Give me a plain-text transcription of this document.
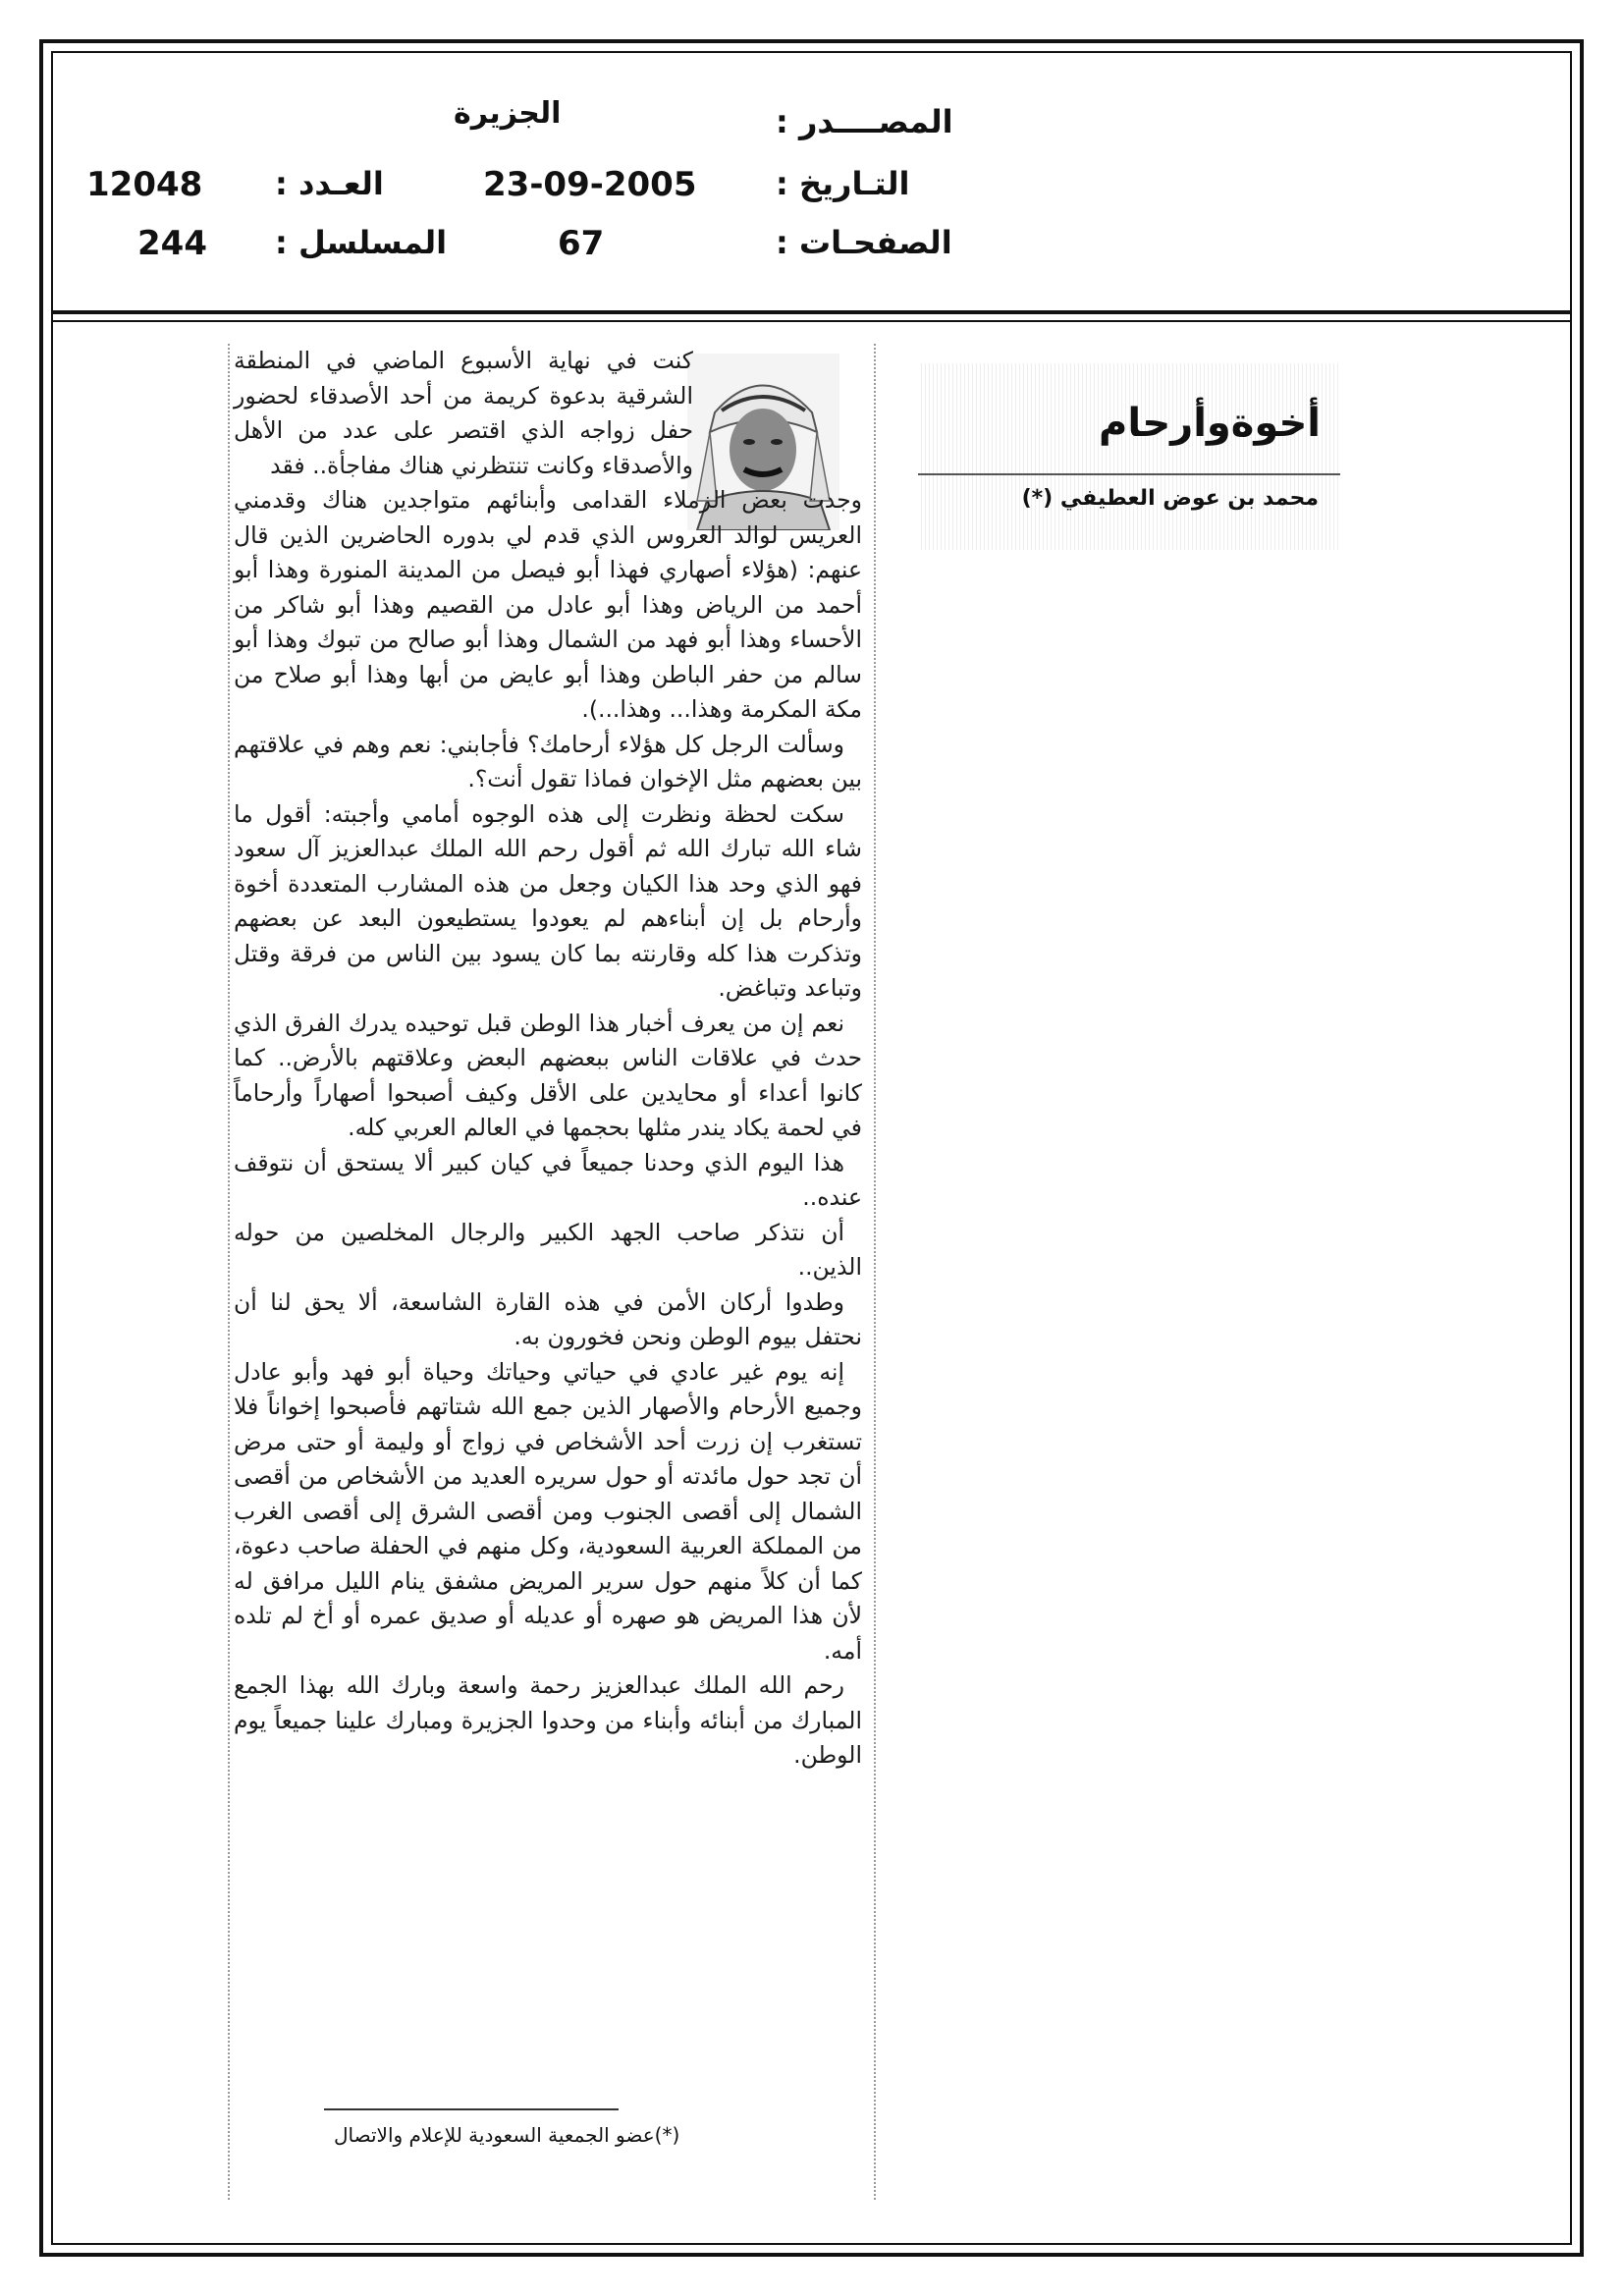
المصــــدر :
الجزيرة
التـاريخ :
23-09-2005
الصفحـات :
67
العـدد :
12048
المسلسل :
244
أخوةوأرحام
محمد بن عوض العطيفي (*)

كنت في نهاية الأسبوع الماضي في المنطقة الشرقية بدعوة كريمة من أحد الأصدقاء لحضور حفل زواجه الذي اقتصر على عدد من الأهل والأصدقاء وكانت تنتظرني هناك مفاجأة.. فقد

وجدت بعض الزملاء القدامى وأبنائهم متواجدين هناك وقدمني العريس لوالد العروس الذي قدم لي بدوره الحاضرين الذين قال عنهم: (هؤلاء أصهاري فهذا أبو فيصل من المدينة المنورة وهذا أبو أحمد من الرياض وهذا أبو عادل من القصيم وهذا أبو شاكر من الأحساء وهذا أبو فهد من الشمال وهذا أبو صالح من تبوك وهذا أبو سالم من حفر الباطن وهذا أبو عايض من أبها وهذا أبو صلاح من مكة المكرمة وهذا... وهذا...).

وسألت الرجل كل هؤلاء أرحامك؟ فأجابني: نعم وهم في علاقتهم بين بعضهم مثل الإخوان فماذا تقول أنت؟.

سكت لحظة ونظرت إلى هذه الوجوه أمامي وأجبته: أقول ما شاء الله تبارك الله ثم أقول رحم الله الملك عبدالعزيز آل سعود فهو الذي وحد هذا الكيان وجعل من هذه المشارب المتعددة أخوة وأرحام بل إن أبناءهم لم يعودوا يستطيعون البعد عن بعضهم وتذكرت هذا كله وقارنته بما كان يسود بين الناس من فرقة وقتل وتباعد وتباغض.

نعم إن من يعرف أخبار هذا الوطن قبل توحيده يدرك الفرق الذي حدث في علاقات الناس ببعضهم البعض وعلاقتهم بالأرض.. كما كانوا أعداء أو محايدين على الأقل وكيف أصبحوا أصهاراً وأرحاماً في لحمة يكاد يندر مثلها بحجمها في العالم العربي كله.

هذا اليوم الذي وحدنا جميعاً في كيان كبير ألا يستحق أن نتوقف عنده..

أن نتذكر صاحب الجهد الكبير والرجال المخلصين من حوله الذين..

وطدوا أركان الأمن في هذه القارة الشاسعة، ألا يحق لنا أن نحتفل بيوم الوطن ونحن فخورون به.

إنه يوم غير عادي في حياتي وحياتك وحياة أبو فهد وأبو عادل وجميع الأرحام والأصهار الذين جمع الله شتاتهم فأصبحوا إخواناً فلا تستغرب إن زرت أحد الأشخاص في زواج أو وليمة أو حتى مرض أن تجد حول مائدته أو حول سريره العديد من الأشخاص من أقصى الشمال إلى أقصى الجنوب ومن أقصى الشرق إلى أقصى الغرب من المملكة العربية السعودية، وكل منهم في الحفلة صاحب دعوة، كما أن كلاً منهم حول سرير المريض مشفق ينام الليل مرافق له لأن هذا المريض هو صهره أو عديله أو صديق عمره أو أخ لم تلده أمه.

رحم الله الملك عبدالعزيز رحمة واسعة وبارك الله بهذا الجمع المبارك من أبنائه وأبناء من وحدوا الجزيرة ومبارك علينا جميعاً يوم الوطن.

(*)عضو الجمعية السعودية للإعلام والاتصال
